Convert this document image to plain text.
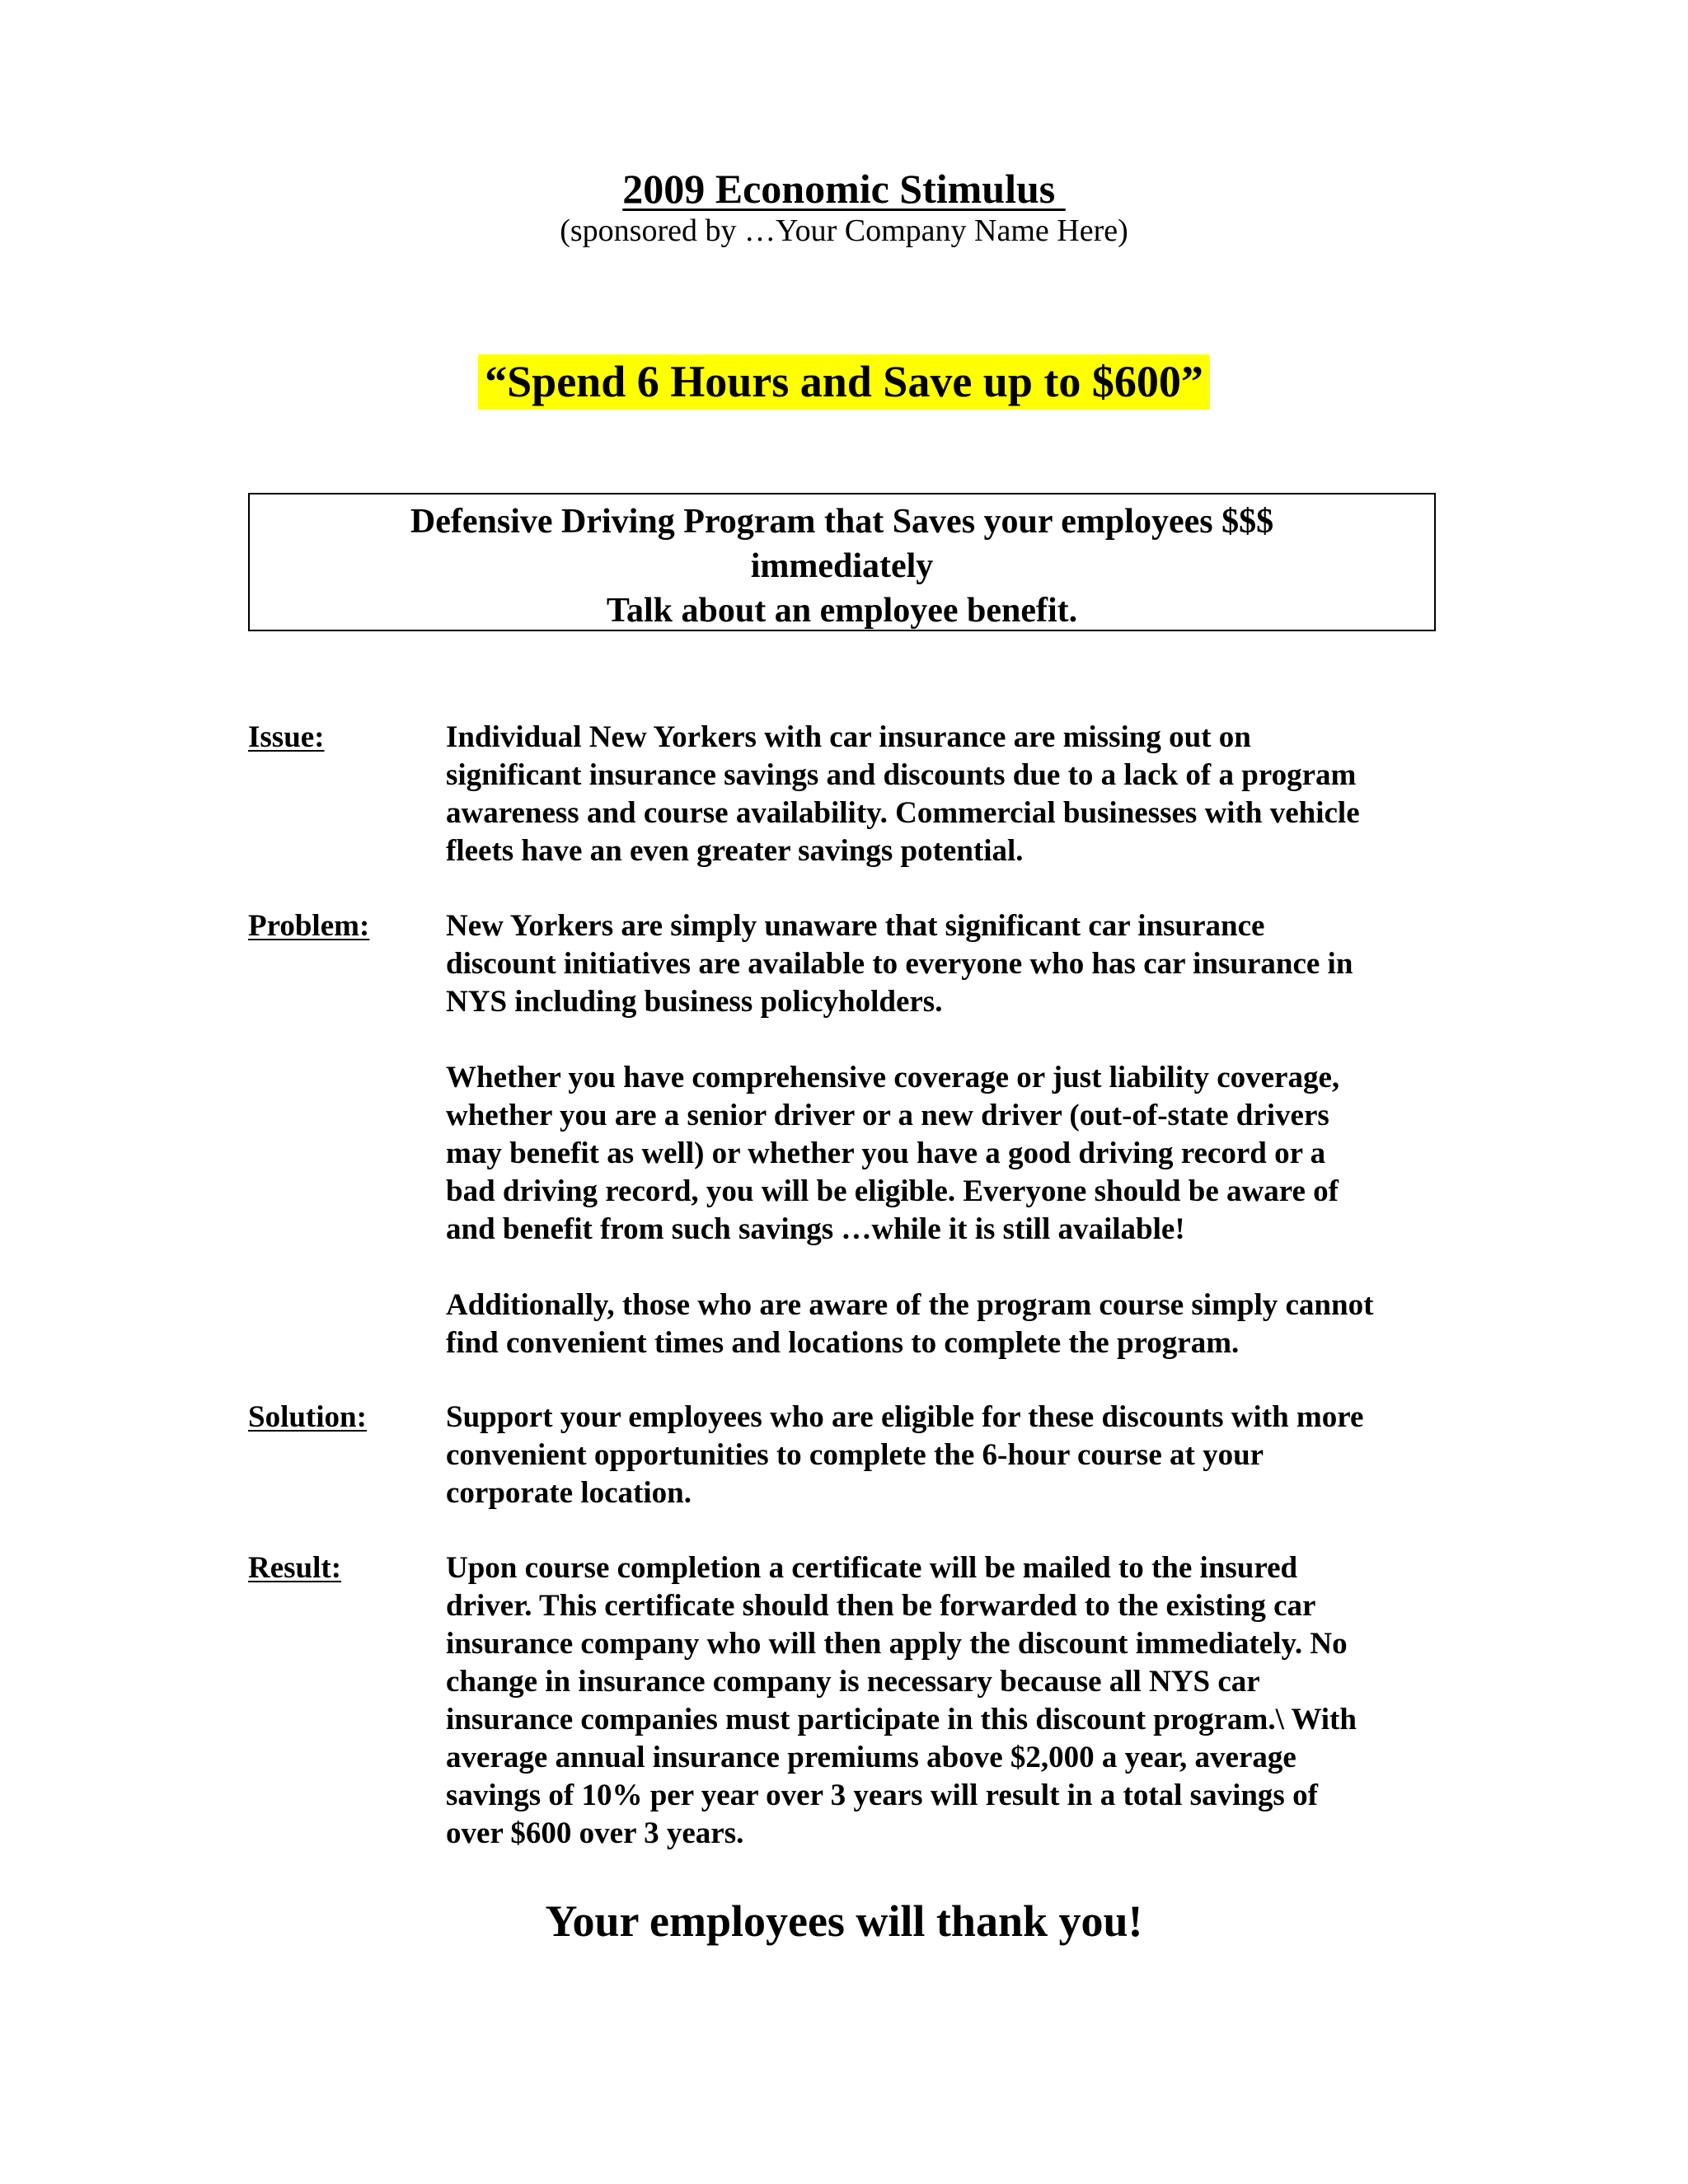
2009 Economic Stimulus
(sponsored by …Your Company Name Here)
“Spend 6 Hours and Save up to $600”
Defensive Driving Program that Saves your employees $$$
immediately
Talk about an employee benefit.
Issue:	Individual New Yorkers with car insurance are missing out on
significant insurance savings and discounts due to a lack of a program
awareness and course availability. Commercial businesses with vehicle
fleets have an even greater savings potential.
Problem:	New Yorkers are simply unaware that significant car insurance
discount initiatives are available to everyone who has car insurance in
NYS including business policyholders.

Whether you have comprehensive coverage or just liability coverage,
whether you are a senior driver or a new driver (out-of-state drivers
may benefit as well) or whether you have a good driving record or a
bad driving record, you will be eligible. Everyone should be aware of
and benefit from such savings …while it is still available!

Additionally, those who are aware of the program course simply cannot
find convenient times and locations to complete the program.

Solution:	Support your employees who are eligible for these discounts with more
convenient opportunities to complete the 6-hour course at your
corporate location.
Result:	Upon course completion a certificate will be mailed to the insured
driver. This certificate should then be forwarded to the existing car
insurance company who will then apply the discount immediately. No
change in insurance company is necessary because all NYS car
insurance companies must participate in this discount program.\ With
average annual insurance premiums above $2,000 a year, average
savings of 10% per year over 3 years will result in a total savings of
over $600 over 3 years.
Your employees will thank you!
